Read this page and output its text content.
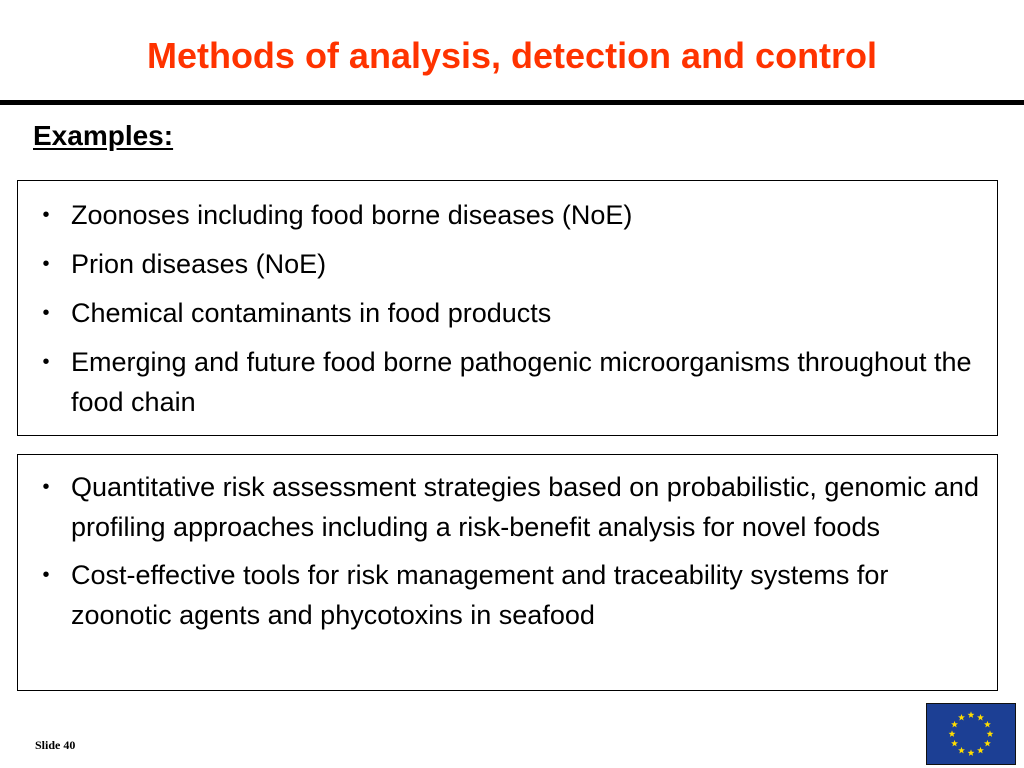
Methods of analysis, detection and control
Examples:
• Zoonoses including food borne diseases (NoE)
• Prion diseases (NoE)
• Chemical contaminants in food products
• Emerging and future food borne pathogenic microorganisms throughout the food chain
• Quantitative risk assessment strategies based on probabilistic, genomic and profiling approaches including a risk-benefit analysis for novel foods
• Cost-effective tools for risk management and traceability systems for zoonotic agents and phycotoxins in seafood
Slide 40
